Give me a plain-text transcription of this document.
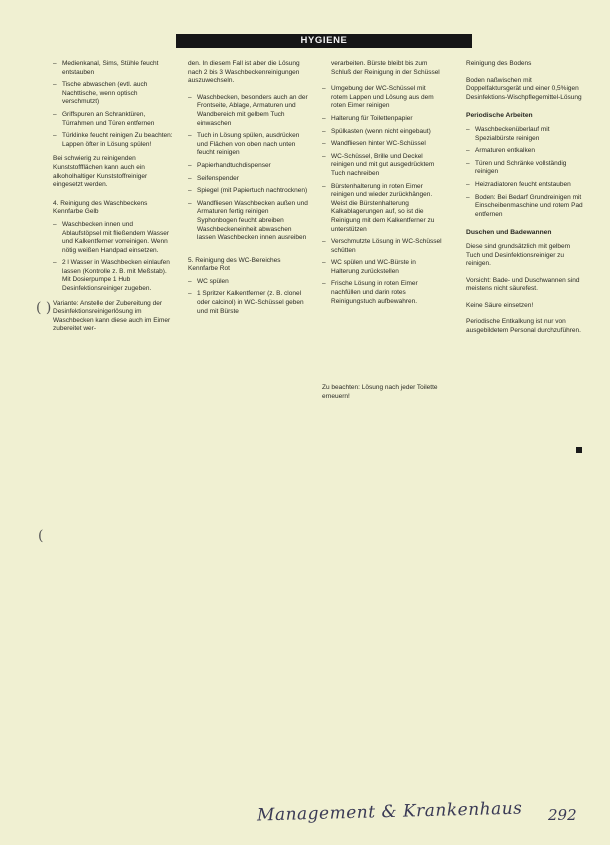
HYGIENE
– Medienkanal, Sims, Stühle feucht entstauben
– Tische abwaschen (evtl. auch Nachttische, wenn optisch verschmutzt)
– Griffspuren an Schranktüren, Türrahmen und Türen entfernen
– Türklinke feucht reinigen Zu beachten: Lappen öfter in Lösung spülen!

Bei schwierig zu reinigenden Kunststoffflächen kann auch ein alkoholhaltiger Kunststoffreiniger eingesetzt werden.

4. Reinigung des Waschbeckens Kennfarbe Gelb

– Waschbecken innen und Ablaufstöpsel mit fließendem Wasser und Kalkentferner vorreinigen. Wenn nötig weißen Handpad einsetzen.
– 2 l Wasser in Waschbecken einlaufen lassen (Kontrolle z. B. mit Meßstab). Mit Dosierpumpe 1 Hub Desinfektionsreiniger zugeben.

Variante: Anstelle der Zubereitung der Desinfektionsreinigerlösung im Waschbecken kann diese auch im Eimer zubereitet wer-

den. In diesem Fall ist aber die Lösung nach 2 bis 3 Waschbeckenreinigungen auszuwechseln.

– Waschbecken, besonders auch an der Frontseite, Ablage, Armaturen und Wandbereich mit gelbem Tuch einwaschen
– Tuch in Lösung spülen, ausdrücken und Flächen von oben nach unten feucht reinigen
– Papierhandtuchdispenser
– Seifenspender
– Spiegel (mit Papiertuch nachtrocknen)
– Wandfliesen Waschbecken außen und Armaturen fertig reinigen Syphonbogen feucht abreiben Waschbeckeneinheit abwaschen lassen Waschbecken innen ausreiben

5. Reinigung des WC-Bereiches Kennfarbe Rot

– WC spülen
– 1 Spritzer Kalkentferner (z. B. clonel oder calcinol) in WC-Schüssel geben und mit Bürste

verarbeiten. Bürste bleibt bis zum Schluß der Reinigung in der Schüssel

– Umgebung der WC-Schüssel mit rotem Lappen und Lösung aus dem roten Eimer reinigen
– Halterung für Toilettenpapier
– Spülkasten (wenn nicht eingebaut)
– Wandfliesen hinter WC-Schüssel
– WC-Schüssel, Brille und Deckel reinigen und mit gut ausgedrücktem Tuch nachreiben
– Bürstenhalterung in roten Eimer reinigen und wieder zurückhängen. Weist die Bürstenhalterung Kalkablagerungen auf, so ist die Reinigung mit dem Kalkentferner zu unterstützen
– Verschmutzte Lösung in WC-Schüssel schütten
– WC spülen und WC-Bürste in Halterung zurückstellen
– Frische Lösung in roten Eimer nachfüllen und darin rotes Reinigungstuch aufbewahren.

Zu beachten: Lösung nach jeder Toilette erneuern!

Reinigung des Bodens

Boden naßwischen mit Doppelfaktursgerät und einer 0,5%igen Desinfektions-Wischpflegemittel-Lösung

Periodische Arbeiten
– Waschbeckenüberlauf mit Spezialbürste reinigen
– Armaturen entkalken
– Türen und Schränke vollständig reinigen
– Heizradiatoren feucht entstauben
– Boden: Bei Bedarf Grundreinigen mit Einscheibenmaschine und rotem Pad entfernen
Duschen und Badewannen

Diese sind grundsätzlich mit gelbem Tuch und Desinfektionsreiniger zu reinigen.

Vorsicht: Bade- und Duschwannen sind meistens nicht säurefest.

Keine Säure einsetzen!

Periodische Entkalkung ist nur von ausgebildetem Personal durchzuführen.

( )
(
Management & Krankenhaus 292
